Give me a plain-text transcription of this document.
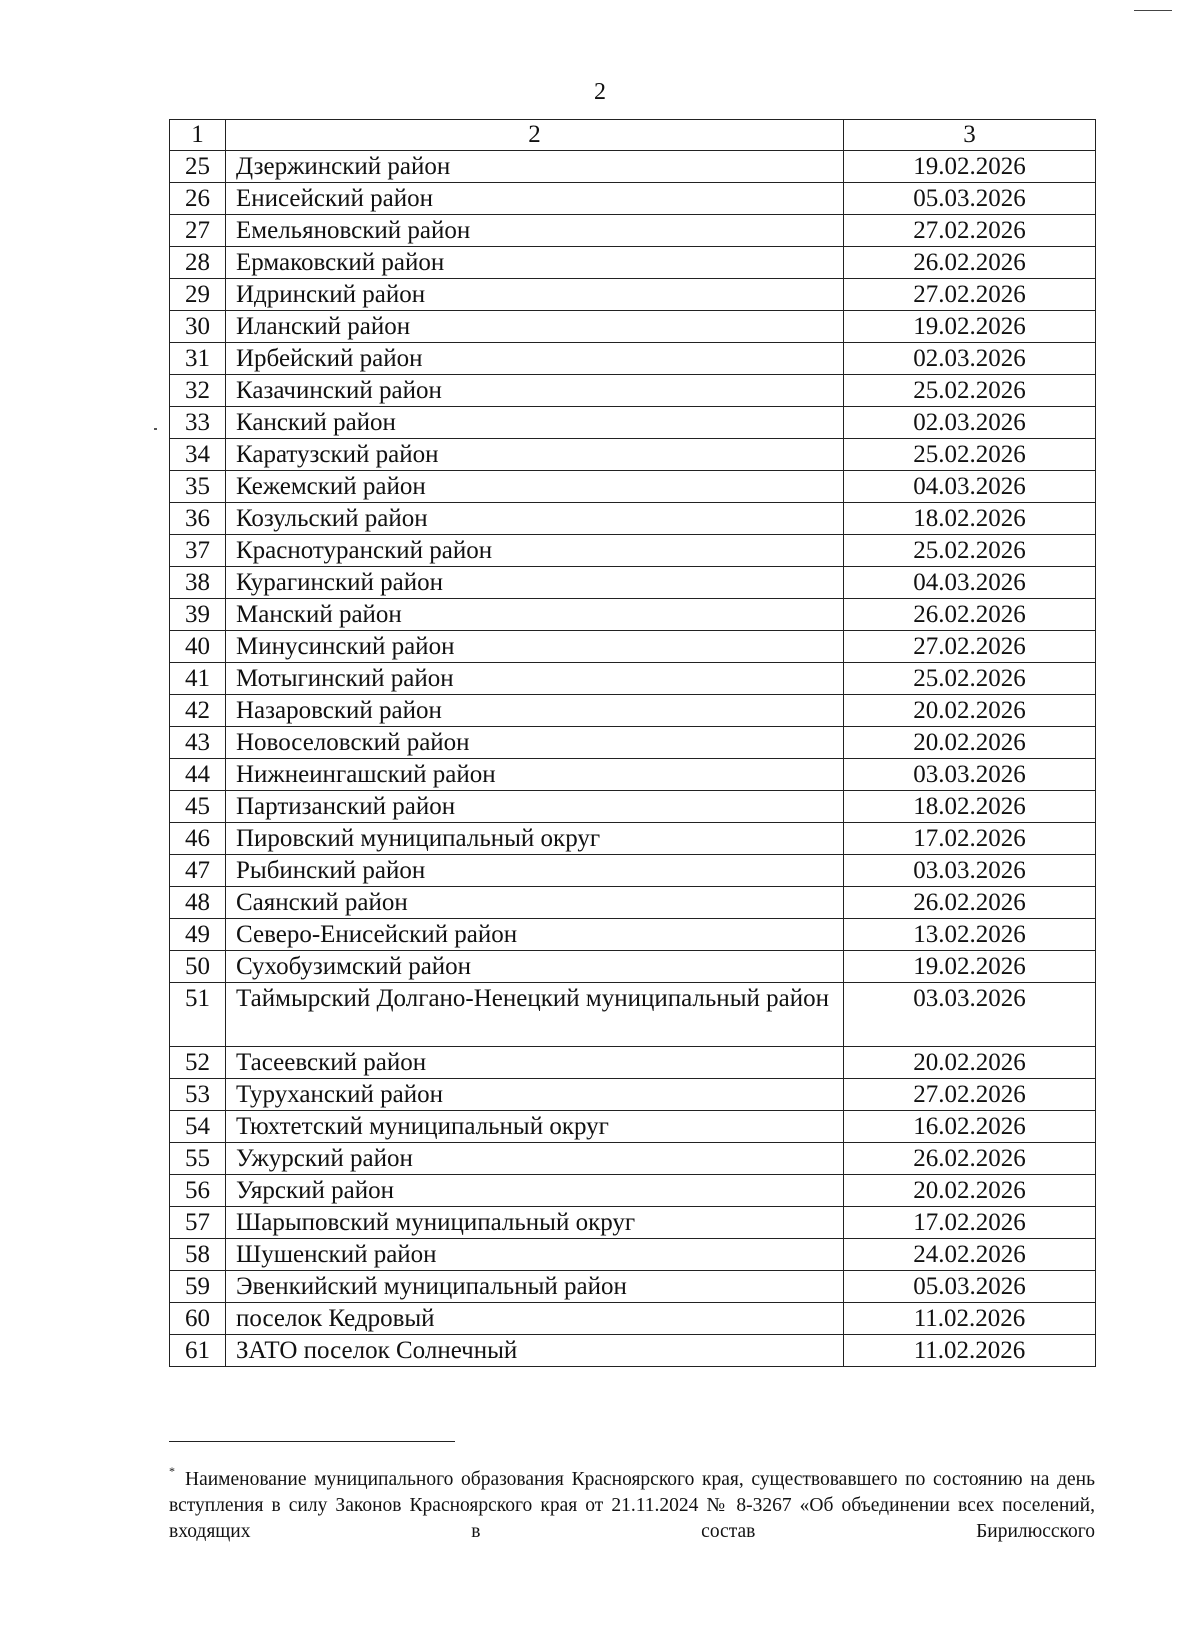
2
1	2	3
25	Дзержинский район	19.02.2026
26	Енисейский район	05.03.2026
27	Емельяновский район	27.02.2026
28	Ермаковский район	26.02.2026
29	Идринский район	27.02.2026
30	Иланский район	19.02.2026
31	Ирбейский район	02.03.2026
32	Казачинский район	25.02.2026
33	Канский район	02.03.2026
34	Каратузский район	25.02.2026
35	Кежемский район	04.03.2026
36	Козульский район	18.02.2026
37	Краснотуранский район	25.02.2026
38	Курагинский район	04.03.2026
39	Манский район	26.02.2026
40	Минусинский район	27.02.2026
41	Мотыгинский район	25.02.2026
42	Назаровский район	20.02.2026
43	Новоселовский район	20.02.2026
44	Нижнеингашский район	03.03.2026
45	Партизанский район	18.02.2026
46	Пировский муниципальный округ	17.02.2026
47	Рыбинский район	03.03.2026
48	Саянский район	26.02.2026
49	Северо-Енисейский район	13.02.2026
50	Сухобузимский район	19.02.2026
51	Таймырский Долгано-Ненецкий муниципальный район	03.03.2026
52	Тасеевский район	20.02.2026
53	Туруханский район	27.02.2026
54	Тюхтетский муниципальный округ	16.02.2026
55	Ужурский район	26.02.2026
56	Уярский район	20.02.2026
57	Шарыповский муниципальный округ	17.02.2026
58	Шушенский район	24.02.2026
59	Эвенкийский муниципальный район	05.03.2026
60	поселок Кедровый	11.02.2026
61	ЗАТО поселок Солнечный	11.02.2026
* Наименование муниципального образования Красноярского края, существовавшего по состоянию на день вступления в силу Законов Красноярского края от 21.11.2024 № 8-3267 «Об объединении всех поселений, входящих в состав Бирилюсского
